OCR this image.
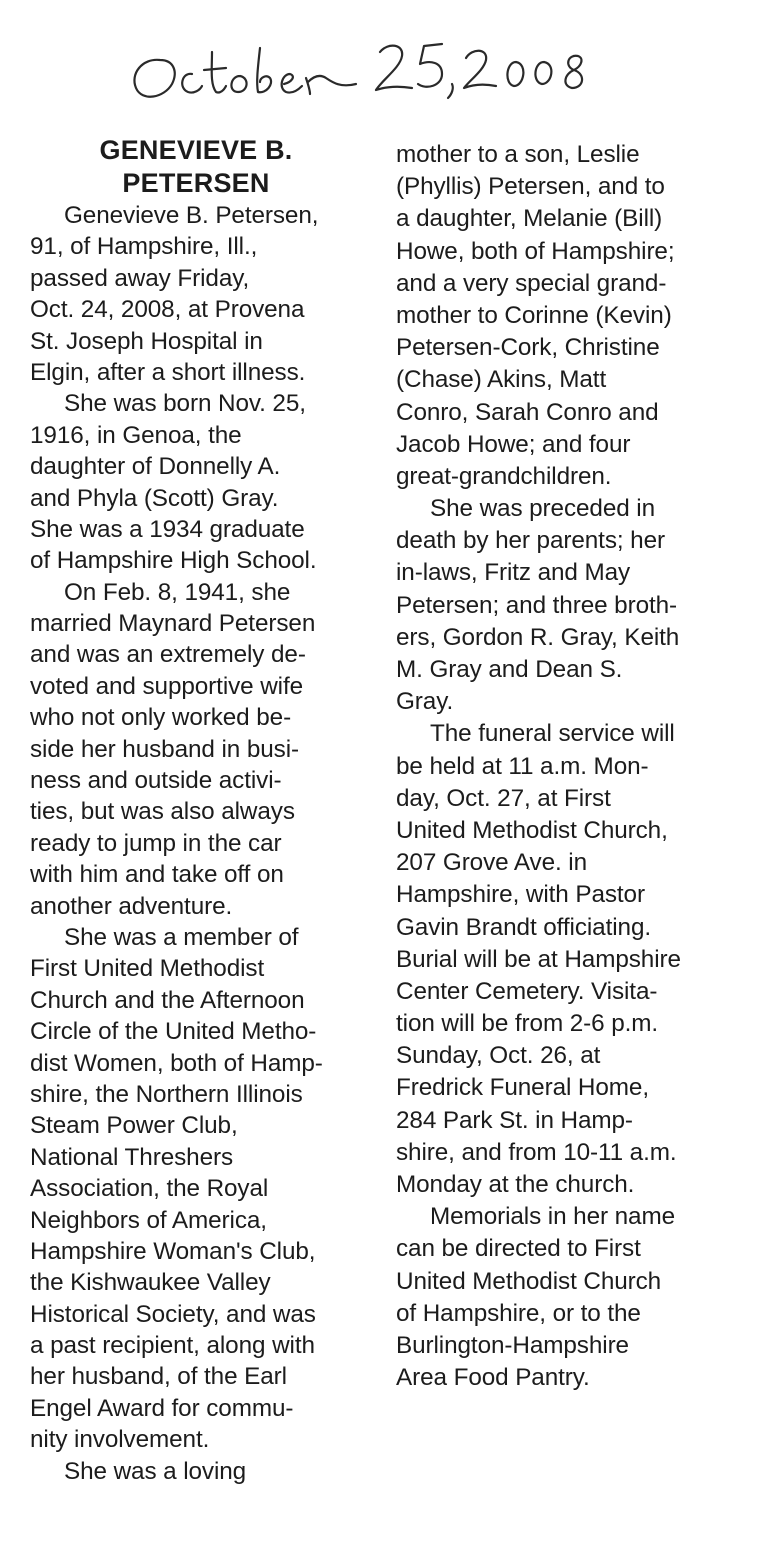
GENEVIEVE B.
PETERSEN
Genevieve B. Petersen,
91, of Hampshire, Ill.,
passed away Friday,
Oct. 24, 2008, at Provena
St. Joseph Hospital in
Elgin, after a short illness.
She was born Nov. 25,
1916, in Genoa, the
daughter of Donnelly A.
and Phyla (Scott) Gray.
She was a 1934 graduate
of Hampshire High School.
On Feb. 8, 1941, she
married Maynard Petersen
and was an extremely de-
voted and supportive wife
who not only worked be-
side her husband in busi-
ness and outside activi-
ties, but was also always
ready to jump in the car
with him and take off on
another adventure.
She was a member of
First United Methodist
Church and the Afternoon
Circle of the United Metho-
dist Women, both of Hamp-
shire, the Northern Illinois
Steam Power Club,
National Threshers
Association, the Royal
Neighbors of America,
Hampshire Woman's Club,
the Kishwaukee Valley
Historical Society, and was
a past recipient, along with
her husband, of the Earl
Engel Award for commu-
nity involvement.
She was a loving
mother to a son, Leslie
(Phyllis) Petersen, and to
a daughter, Melanie (Bill)
Howe, both of Hampshire;
and a very special grand-
mother to Corinne (Kevin)
Petersen-Cork, Christine
(Chase) Akins, Matt
Conro, Sarah Conro and
Jacob Howe; and four
great-grandchildren.
She was preceded in
death by her parents; her
in-laws, Fritz and May
Petersen; and three broth-
ers, Gordon R. Gray, Keith
M. Gray and Dean S.
Gray.
The funeral service will
be held at 11 a.m. Mon-
day, Oct. 27, at First
United Methodist Church,
207 Grove Ave. in
Hampshire, with Pastor
Gavin Brandt officiating.
Burial will be at Hampshire
Center Cemetery. Visita-
tion will be from 2-6 p.m.
Sunday, Oct. 26, at
Fredrick Funeral Home,
284 Park St. in Hamp-
shire, and from 10-11 a.m.
Monday at the church.
Memorials in her name
can be directed to First
United Methodist Church
of Hampshire, or to the
Burlington-Hampshire
Area Food Pantry.
